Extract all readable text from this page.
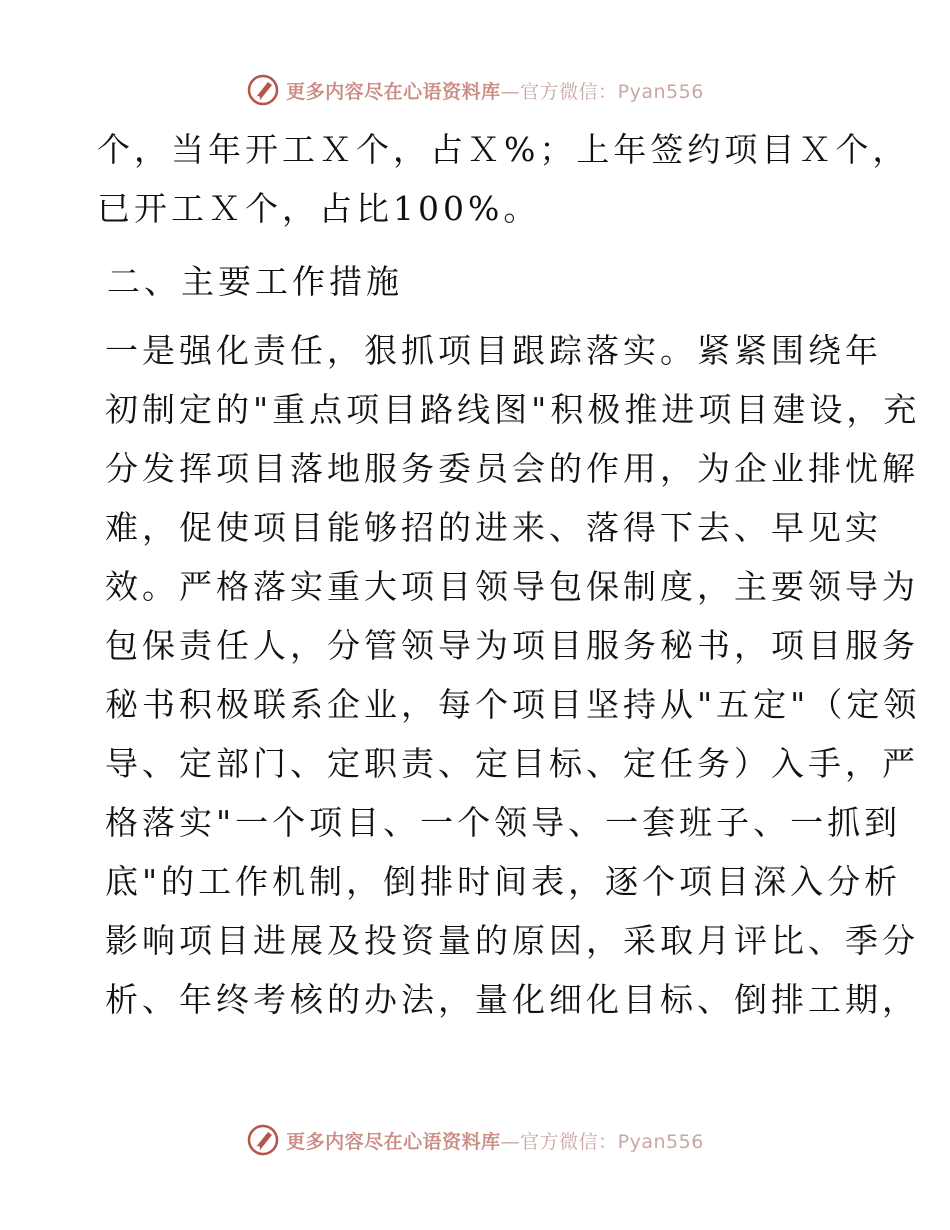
更多内容尽在心语资料库—官方微信：Pyan556

个，当年开工Ｘ个，占Ｘ%；上年签约项目Ｘ个，
已开工Ｘ个，占比100%。

二、主要工作措施

一是强化责任，狠抓项目跟踪落实。紧紧围绕年
初制定的"重点项目路线图"积极推进项目建设，充
分发挥项目落地服务委员会的作用，为企业排忧解
难，促使项目能够招的进来、落得下去、早见实
效。严格落实重大项目领导包保制度，主要领导为
包保责任人，分管领导为项目服务秘书，项目服务
秘书积极联系企业，每个项目坚持从"五定"（定领
导、定部门、定职责、定目标、定任务）入手，严
格落实"一个项目、一个领导、一套班子、一抓到
底"的工作机制，倒排时间表，逐个项目深入分析
影响项目进展及投资量的原因，采取月评比、季分
析、年终考核的办法，量化细化目标、倒排工期，

更多内容尽在心语资料库—官方微信：Pyan556
